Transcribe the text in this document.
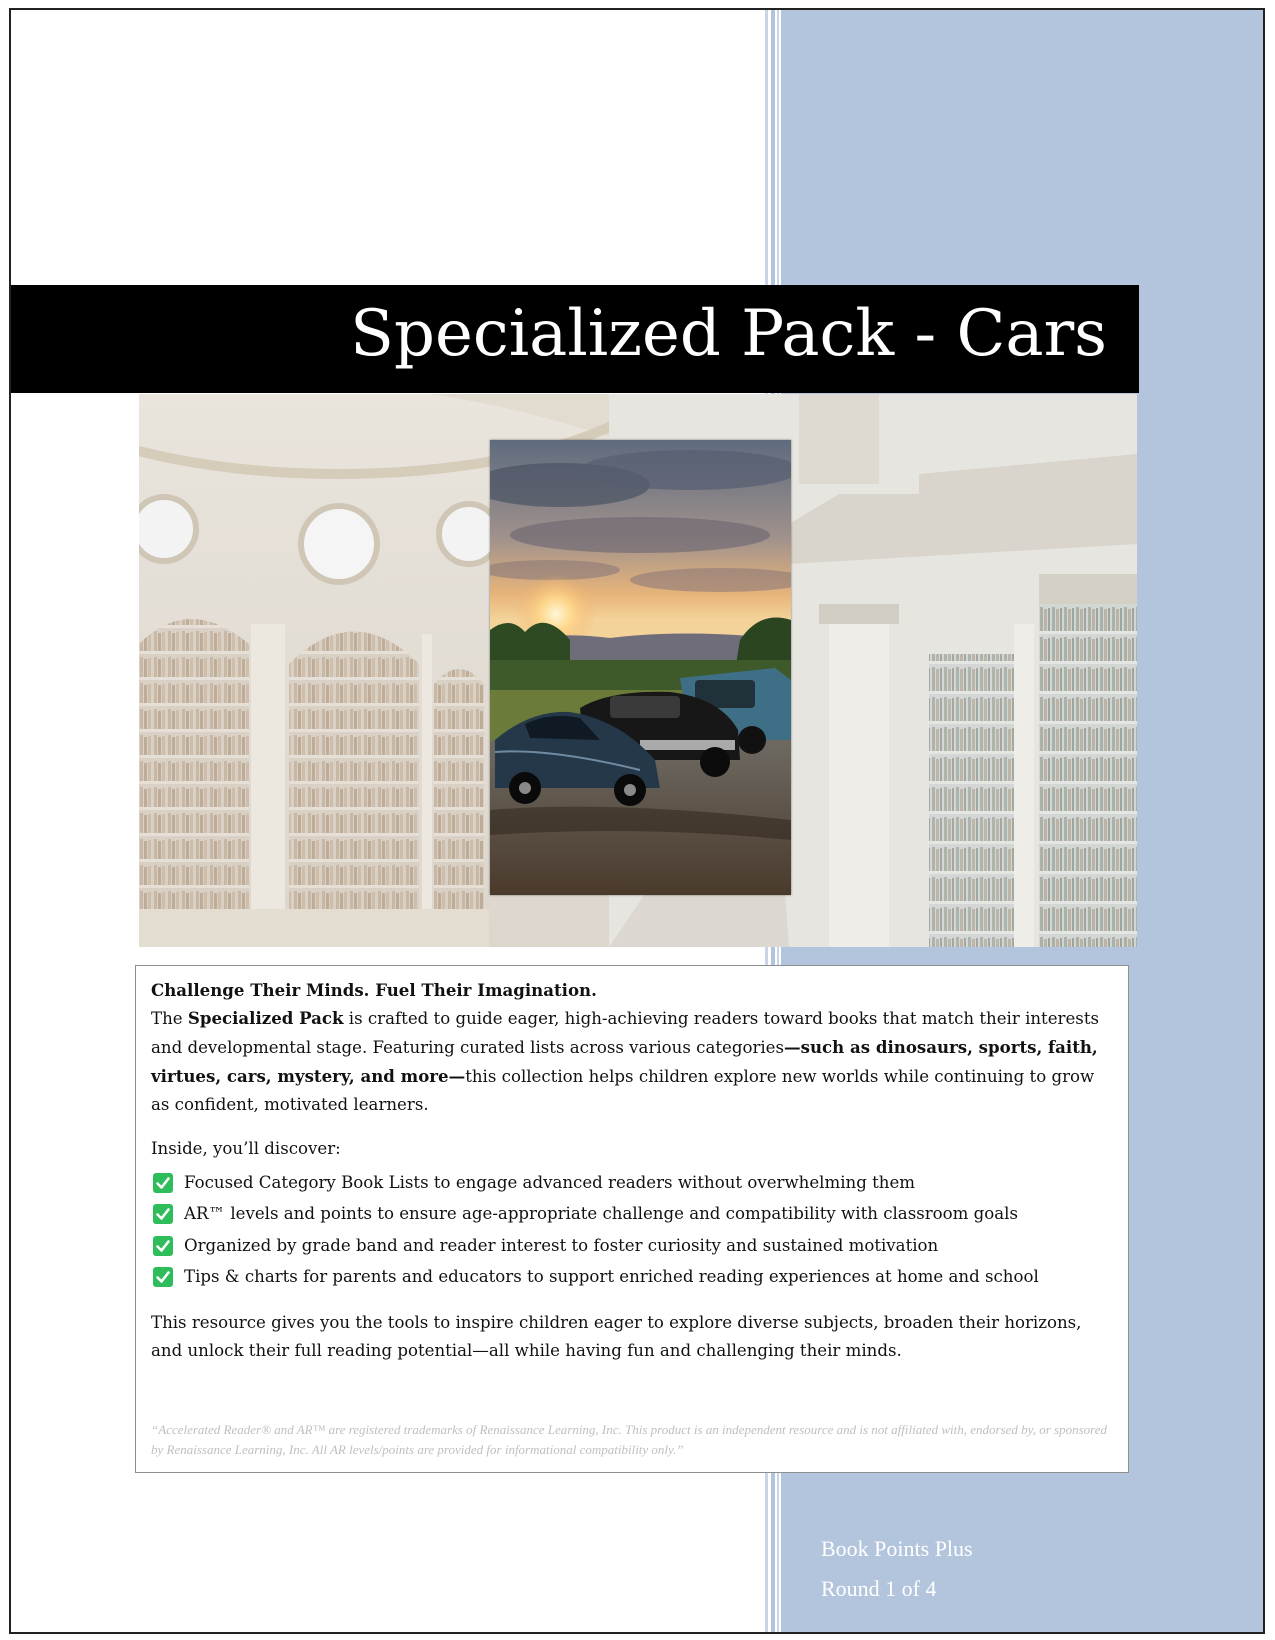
Specialized Pack - Cars

Challenge Their Minds. Fuel Their Imagination.

The Specialized Pack is crafted to guide eager, high-achieving readers toward books that match their interests and developmental stage. Featuring curated lists across various categories—such as dinosaurs, sports, faith, virtues, cars, mystery, and more—this collection helps children explore new worlds while continuing to grow as confident, motivated learners.

Inside, you’ll discover:

Focused Category Book Lists to engage advanced readers without overwhelming them
AR™ levels and points to ensure age-appropriate challenge and compatibility with classroom goals
Organized by grade band and reader interest to foster curiosity and sustained motivation
Tips & charts for parents and educators to support enriched reading experiences at home and school

This resource gives you the tools to inspire children eager to explore diverse subjects, broaden their horizons, and unlock their full reading potential—all while having fun and challenging their minds.

“Accelerated Reader® and AR™ are registered trademarks of Renaissance Learning, Inc. This product is an independent resource and is not affiliated with, endorsed by, or sponsored by Renaissance Learning, Inc. All AR levels/points are provided for informational compatibility only.”
Book Points Plus
Round 1 of 4
